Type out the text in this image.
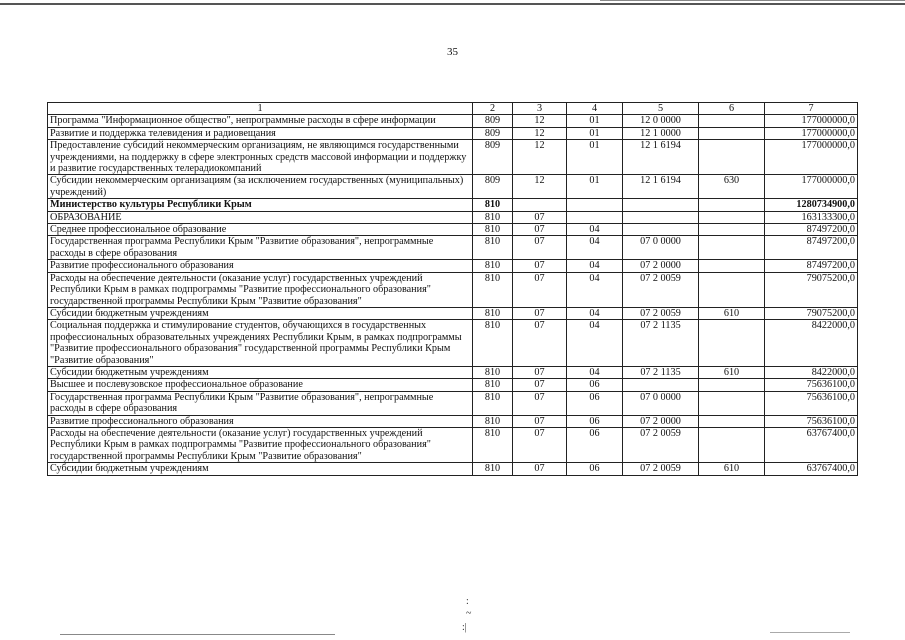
35
1	2	3	4	5	6	7
Программа "Информационное общество", непрограммные расходы в сфере информации	809	12	01	12 0 0000		177000000,0
Развитие и поддержка телевидения и радиовещания	809	12	01	12 1 0000		177000000,0
Предоставление субсидий некоммерческим организациям, не являющимся государственными учреждениями, на поддержку в сфере электронных средств массовой информации и поддержку и развитие государственных телерадиокомпаний	809	12	01	12 1 6194		177000000,0
Субсидии некоммерческим организациям (за исключением государственных (муниципальных) учреждений)	809	12	01	12 1 6194	630	177000000,0
Министерство культуры Республики Крым	810					1280734900,0
ОБРАЗОВАНИЕ	810	07				163133300,0
Среднее профессиональное образование	810	07	04			87497200,0
Государственная программа Республики Крым "Развитие образования", непрограммные расходы в сфере образования	810	07	04	07 0 0000		87497200,0
Развитие профессионального образования	810	07	04	07 2 0000		87497200,0
Расходы на обеспечение деятельности (оказание услуг) государственных учреждений Республики Крым в рамках подпрограммы "Развитие профессионального образования" государственной программы Республики Крым "Развитие образования"	810	07	04	07 2 0059		79075200,0
Субсидии бюджетным учреждениям	810	07	04	07 2 0059	610	79075200,0
Социальная поддержка и стимулирование студентов, обучающихся в государственных профессиональных образовательных учреждениях Республики Крым, в рамках подпрограммы "Развитие профессионального образования" государственной программы Республики Крым "Развитие образования"	810	07	04	07 2 1135		8422000,0
Субсидии бюджетным учреждениям	810	07	04	07 2 1135	610	8422000,0
Высшее и послевузовское профессиональное образование	810	07	06			75636100,0
Государственная программа Республики Крым "Развитие образования", непрограммные расходы в сфере образования	810	07	06	07 0 0000		75636100,0
Развитие профессионального образования	810	07	06	07 2 0000		75636100,0
Расходы на обеспечение деятельности (оказание услуг) государственных учреждений Республики Крым в рамках подпрограммы "Развитие профессионального образования" государственной программы Республики Крым "Развитие образования"	810	07	06	07 2 0059		63767400,0
Субсидии бюджетным учреждениям	810	07	06	07 2 0059	610	63767400,0
:
~
:|
